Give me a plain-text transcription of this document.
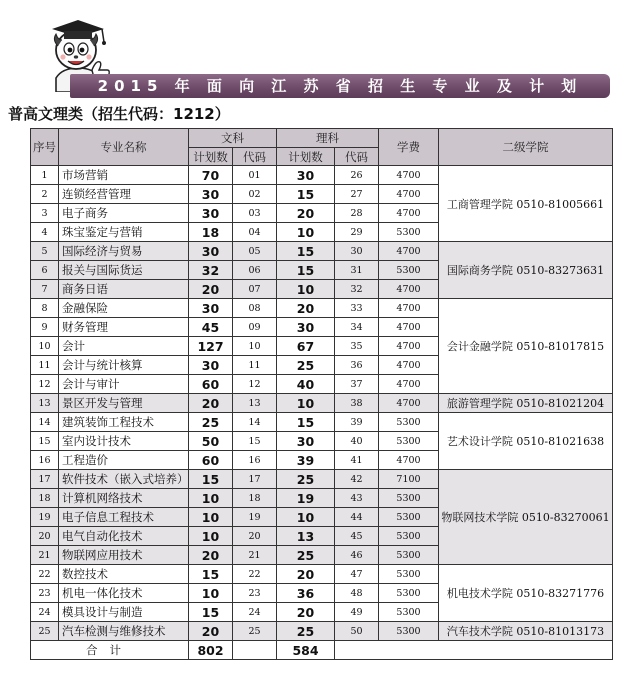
2015 年 面 向 江 苏 省 招 生 专 业 及 计 划
普高文理类（招生代码：1212）
序号	专业名称	文科		理科		学费	二级学院
		计划数	代码	计划数	代码		
1	市场营销	70	01	30	26	4700	工商管理学院 0510-81005661
2	连锁经营管理	30	02	15	27	4700	
3	电子商务	30	03	20	28	4700	
4	珠宝鉴定与营销	18	04	10	29	5300	
5	国际经济与贸易	30	05	15	30	4700	国际商务学院 0510-83273631
6	报关与国际货运	32	06	15	31	5300	
7	商务日语	20	07	10	32	4700	
8	金融保险	30	08	20	33	4700	会计金融学院 0510-81017815
9	财务管理	45	09	30	34	4700	
10	会计	127	10	67	35	4700	
11	会计与统计核算	30	11	25	36	4700	
12	会计与审计	60	12	40	37	4700	
13	景区开发与管理	20	13	10	38	4700	旅游管理学院 0510-81021204
14	建筑装饰工程技术	25	14	15	39	5300	艺术设计学院 0510-81021638
15	室内设计技术	50	15	30	40	5300	
16	工程造价	60	16	39	41	4700	
17	软件技术（嵌入式培养）	15	17	25	42	7100	物联网技术学院 0510-83270061
18	计算机网络技术	10	18	19	43	5300	
19	电子信息工程技术	10	19	10	44	5300	
20	电气自动化技术	10	20	13	45	5300	
21	物联网应用技术	20	21	25	46	5300	
22	数控技术	15	22	20	47	5300	机电技术学院 0510-83271776
23	机电一体化技术	10	23	36	48	5300	
24	模具设计与制造	15	24	20	49	5300	
25	汽车检测与维修技术	20	25	25	50	5300	汽车技术学院 0510-81013173
合计		802		584			
